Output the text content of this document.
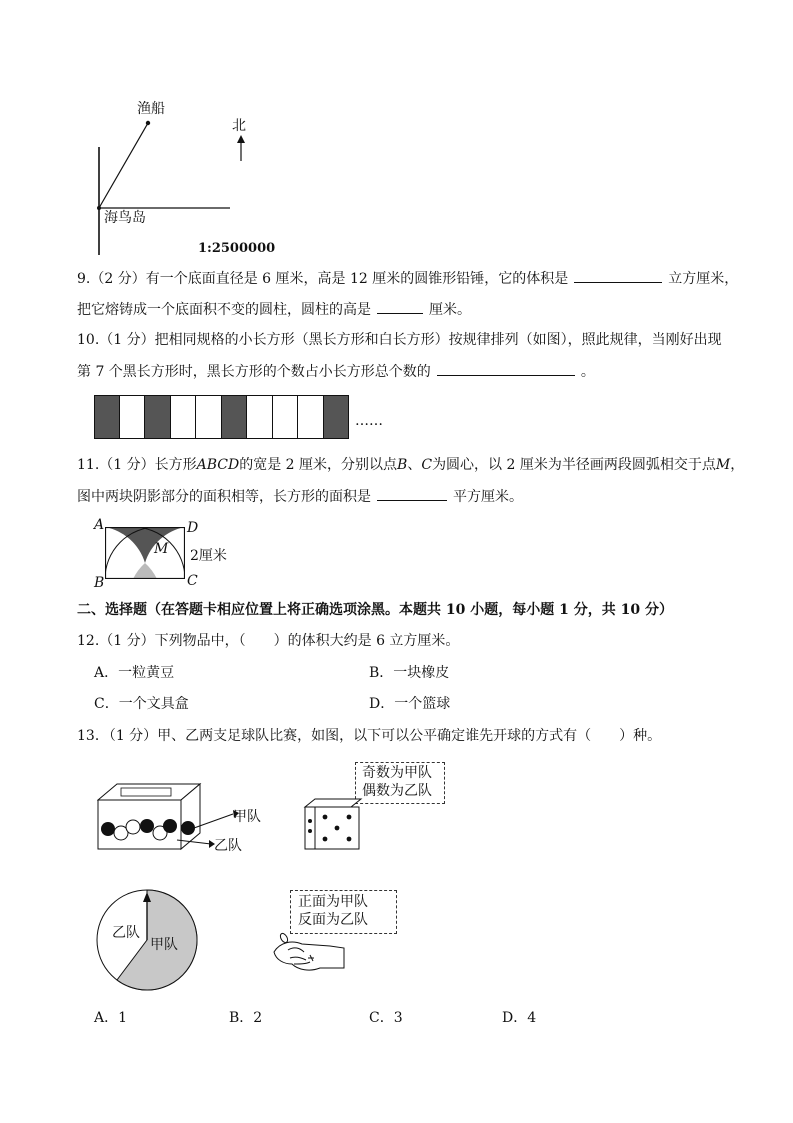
渔船
北
海鸟岛
1:2500000
9.（2 分）有一个底面直径是 6 厘米，高是 12 厘米的圆锥形铅锤，它的体积是	立方厘米，
把它熔铸成一个底面积不变的圆柱，圆柱的高是	厘米。
10.（1 分）把相同规格的小长方形（黑长方形和白长方形）按规律排列（如图），照此规律，当刚好出现
第 7 个黑长方形时，黑长方形的个数占小长方形总个数的	。
……
11.（1 分）长方形ABCD的宽是 2 厘米，分别以点B、C为圆心，以 2 厘米为半径画两段圆弧相交于点M，
图中两块阴影部分的面积相等，长方形的面积是	平方厘米。
A	D
M 2厘米
B	C
二、选择题（在答题卡相应位置上将正确选项涂黑。本题共 10 小题，每小题 1 分，共 10 分）
12.（1 分）下列物品中，（　　）的体积大约是 6 立方厘米。
A．一粒黄豆	B．一块橡皮
C．一个文具盒	D．一个篮球
13．（1 分）甲、乙两支足球队比赛，如图，以下可以公平确定谁先开球的方式有（　　）种。
甲队
乙队
奇数为甲队
偶数为乙队
乙队
甲队
正面为甲队
反面为乙队
A．1	B．2	C．3	D．4
